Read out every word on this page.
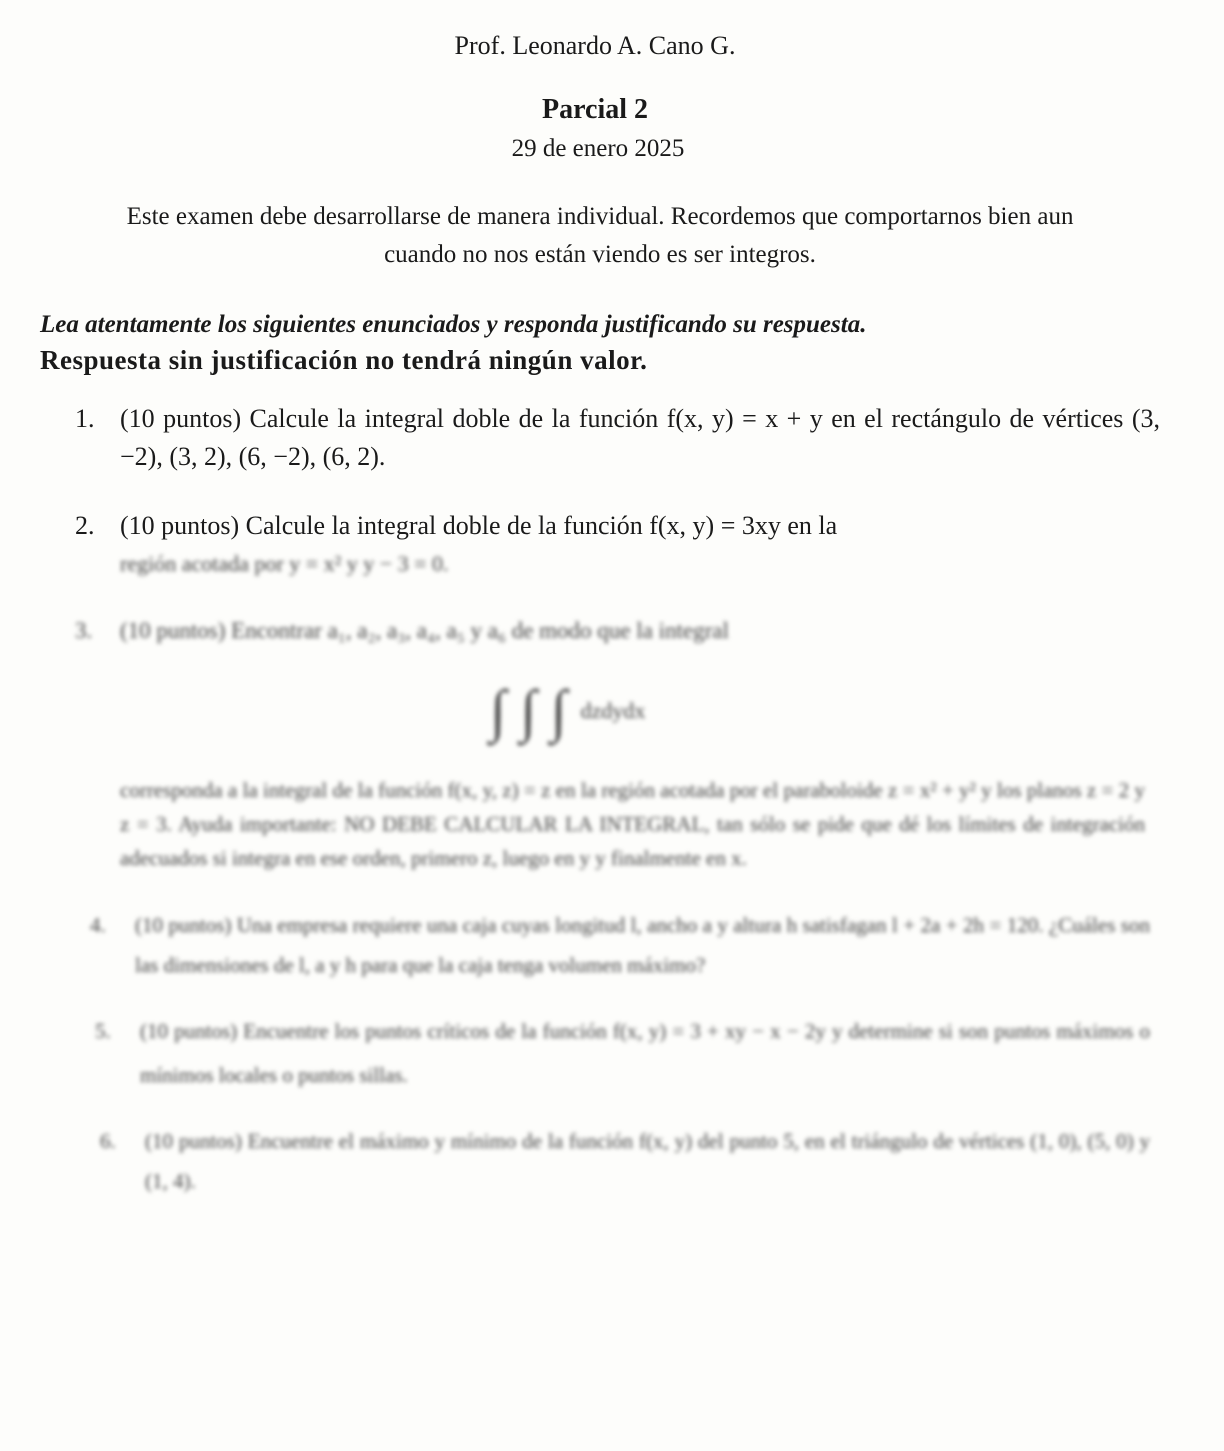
Prof. Leonardo A. Cano G.
Parcial 2
29 de enero 2025
Este examen debe desarrollarse de manera individual. Recordemos que comportarnos bien aun cuando no nos están viendo es ser integros.
Lea atentamente los siguientes enunciados y responda justificando su respuesta.
Respuesta sin justificación no tendrá ningún valor.
1. (10 puntos) Calcule la integral doble de la función f(x, y) = x + y en el rectángulo de vértices (3, −2), (3, 2), (6, −2), (6, 2).
2. (10 puntos) Calcule la integral doble de la función f(x, y) = 3xy en la
región acotada por y = x² y y − 3 = 0.
3. (10 puntos) Encontrar a₁, a₂, a₃, a₄, a₅ y a₆ de modo que la integral
∫ ∫ ∫ dzdydx
corresponda a la integral de la función f(x, y, z) = z en la región acotada por el paraboloide z = x² + y² y los planos z = 2 y z = 3. Ayuda importante: NO DEBE CALCULAR LA INTEGRAL, tan sólo se pide que dé los límites de integración adecuados si integra en ese orden, primero z, luego en y y finalmente en x.
4. (10 puntos) Una empresa requiere una caja cuyas longitud l, ancho a y altura h satisfagan l + 2a + 2h = 120. ¿Cuáles son las dimensiones de l, a y h para que la caja tenga volumen máximo?
5. (10 puntos) Encuentre los puntos críticos de la función f(x, y) = 3 + xy − x − 2y y determine si son puntos máximos o mínimos locales o puntos sillas.
6. (10 puntos) Encuentre el máximo y mínimo de la función f(x, y) del punto 5, en el triángulo de vértices (1, 0), (5, 0) y (1, 4).
